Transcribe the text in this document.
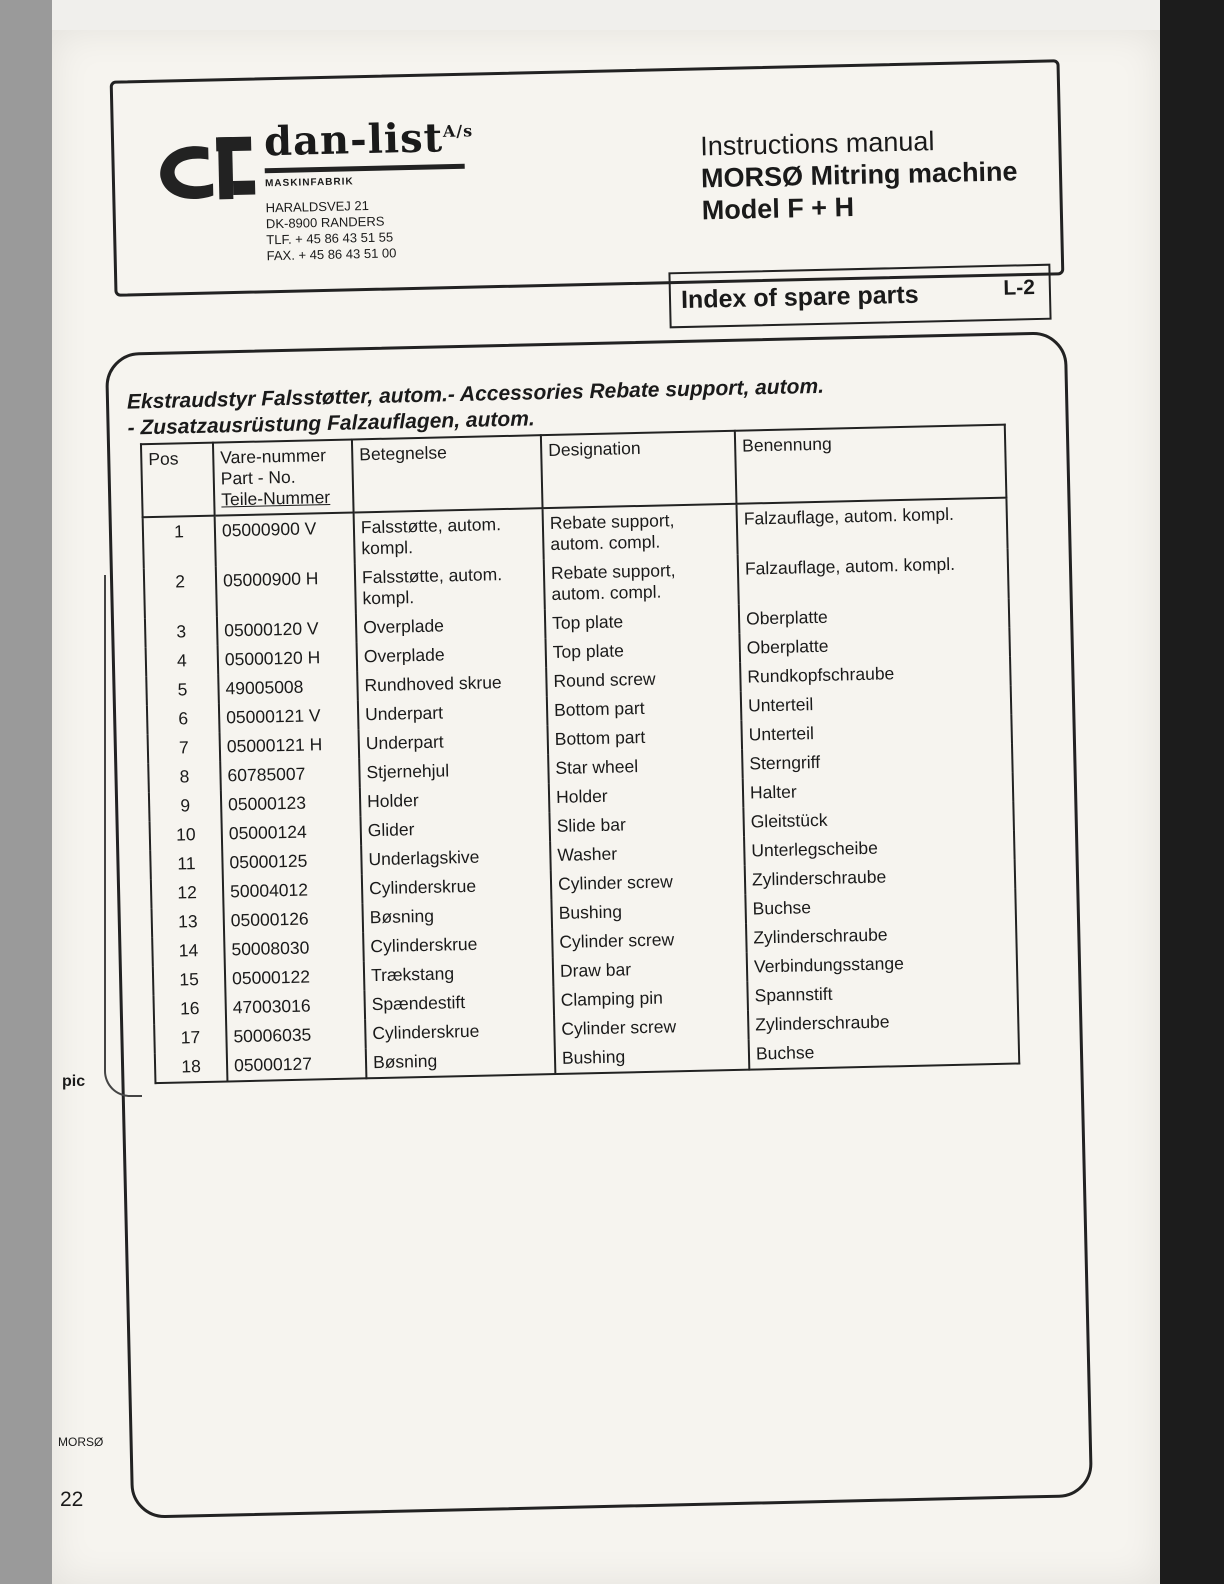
dan-list$^{A/s}$
MASKINFABRIK
HARALDSVEJ 21
DK-8900 RANDERS
TLF. + 45 86 43 51 55
FAX. + 45 86 43 51 00
Instructions manual
MORSØ Mitring machine
Model F + H
Index of spare parts	L-2
Ekstraudstyr Falsstøtter, autom.- Accessories Rebate support, autom.
- Zusatzausrüstung Falzauflagen, autom.
Pos	Vare-nummer
Part - No.
Teile-Nummer	Betegnelse	Designation	Benennung
1	05000900 V	Falsstøtte, autom. kompl.	Rebate support, autom. compl.	Falzauflage, autom. kompl.
2	05000900 H	Falsstøtte, autom. kompl.	Rebate support, autom. compl.	Falzauflage, autom. kompl.
3	05000120 V	Overplade	Top plate	Oberplatte
4	05000120 H	Overplade	Top plate	Oberplatte
5	49005008	Rundhoved skrue	Round screw	Rundkopfschraube
6	05000121 V	Underpart	Bottom part	Unterteil
7	05000121 H	Underpart	Bottom part	Unterteil
8	60785007	Stjernehjul	Star wheel	Sterngriff
9	05000123	Holder	Holder	Halter
10	05000124	Glider	Slide bar	Gleitstück
11	05000125	Underlagskive	Washer	Unterlegscheibe
12	50004012	Cylinderskrue	Cylinder screw	Zylinderschraube
13	05000126	Bøsning	Bushing	Buchse
14	50008030	Cylinderskrue	Cylinder screw	Zylinderschraube
15	05000122	Trækstang	Draw bar	Verbindungsstange
16	47003016	Spændestift	Clamping pin	Spannstift
17	50006035	Cylinderskrue	Cylinder screw	Zylinderschraube
18	05000127	Bøsning	Bushing	Buchse
pic
MORSØ
22
